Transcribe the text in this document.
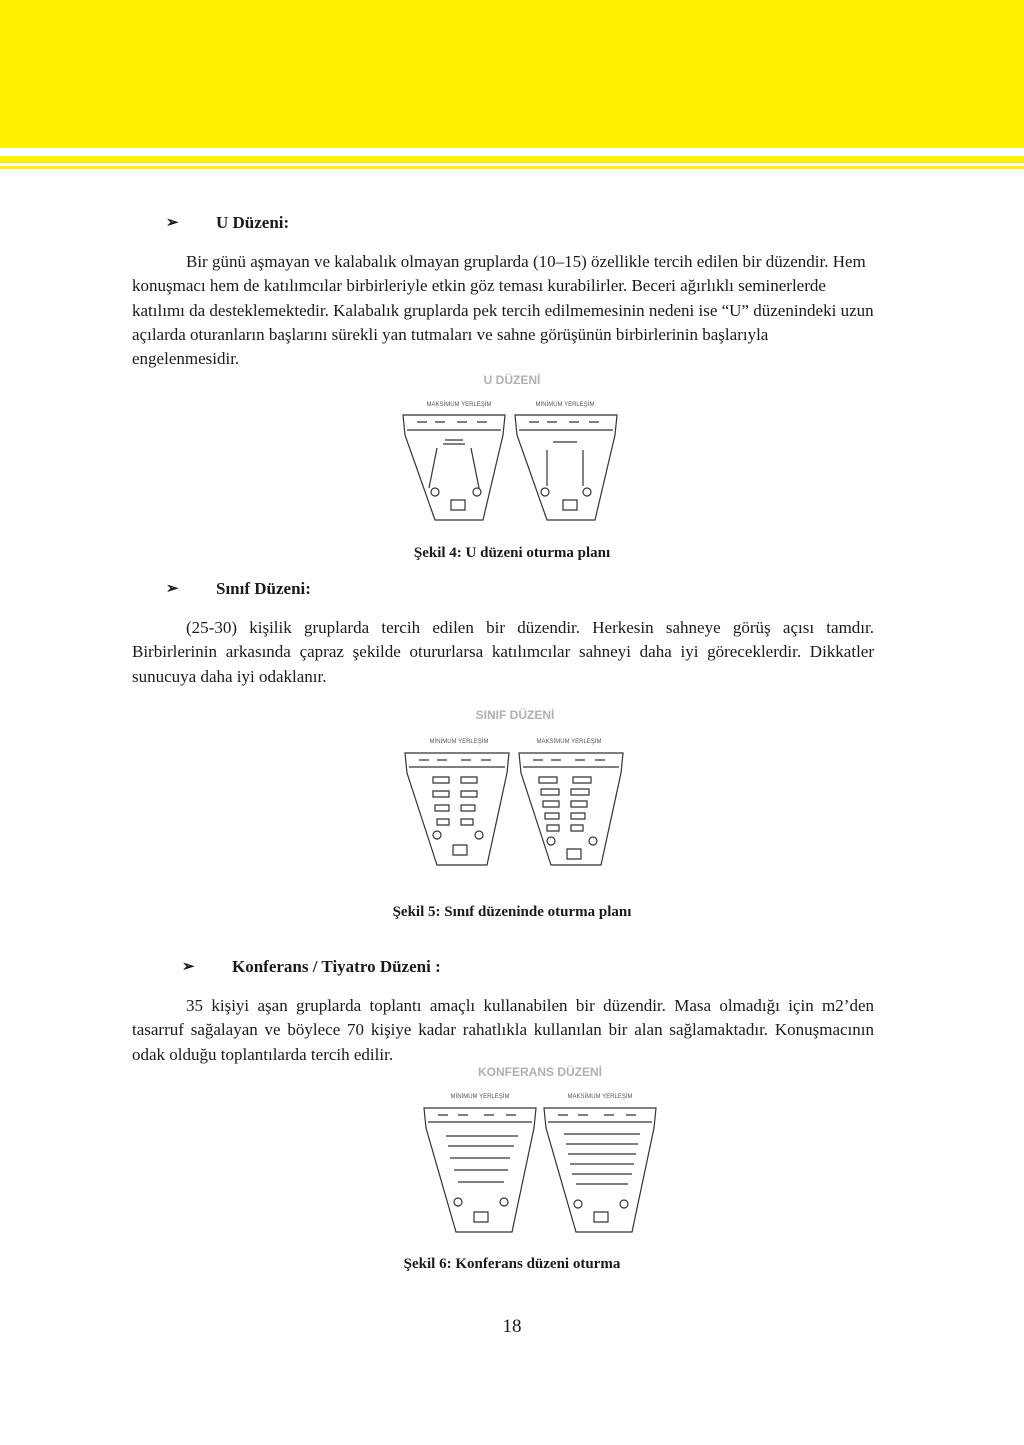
➢	U Düzeni:

Bir günü aşmayan ve kalabalık olmayan gruplarda (10–15) özellikle tercih edilen bir düzendir. Hem konuşmacı hem de katılımcılar birbirleriyle etkin göz teması kurabilirler. Beceri ağırlıklı seminerlerde katılımı da desteklemektedir. Kalabalık gruplarda pek tercih edilmemesinin nedeni ise “U” düzenindeki uzun açılarda oturanların başlarını sürekli yan tutmaları ve sahne görüşünün birbirlerinin başlarıyla engelenmesidir.

U DÜZENİ
MAKSİMUM YERLEŞİM	MİNİMUM YERLEŞİM
Şekil 4: U düzeni oturma planı
➢	Sınıf Düzeni:

(25-30) kişilik gruplarda tercih edilen bir düzendir. Herkesin sahneye görüş açısı tamdır. Birbirlerinin arkasında çapraz şekilde otururlarsa katılımcılar sahneyi daha iyi göreceklerdir. Dikkatler sunucuya daha iyi odaklanır.

SINIF DÜZENİ
MİNİMUM YERLEŞİM	MAKSİMUM YERLEŞİM
Şekil 5: Sınıf düzeninde oturma planı
➢	Konferans / Tiyatro Düzeni :

35 kişiyi aşan gruplarda toplantı amaçlı kullanabilen bir düzendir. Masa olmadığı için m2’den tasarruf sağalayan ve böylece 70 kişiye kadar rahatlıkla kullanılan bir alan sağlamaktadır. Konuşmacının odak olduğu toplantılarda tercih edilir.

KONFERANS DÜZENİ
MİNİMUM YERLEŞİM	MAKSİMUM YERLEŞİM
Şekil 6: Konferans düzeni oturma
18
